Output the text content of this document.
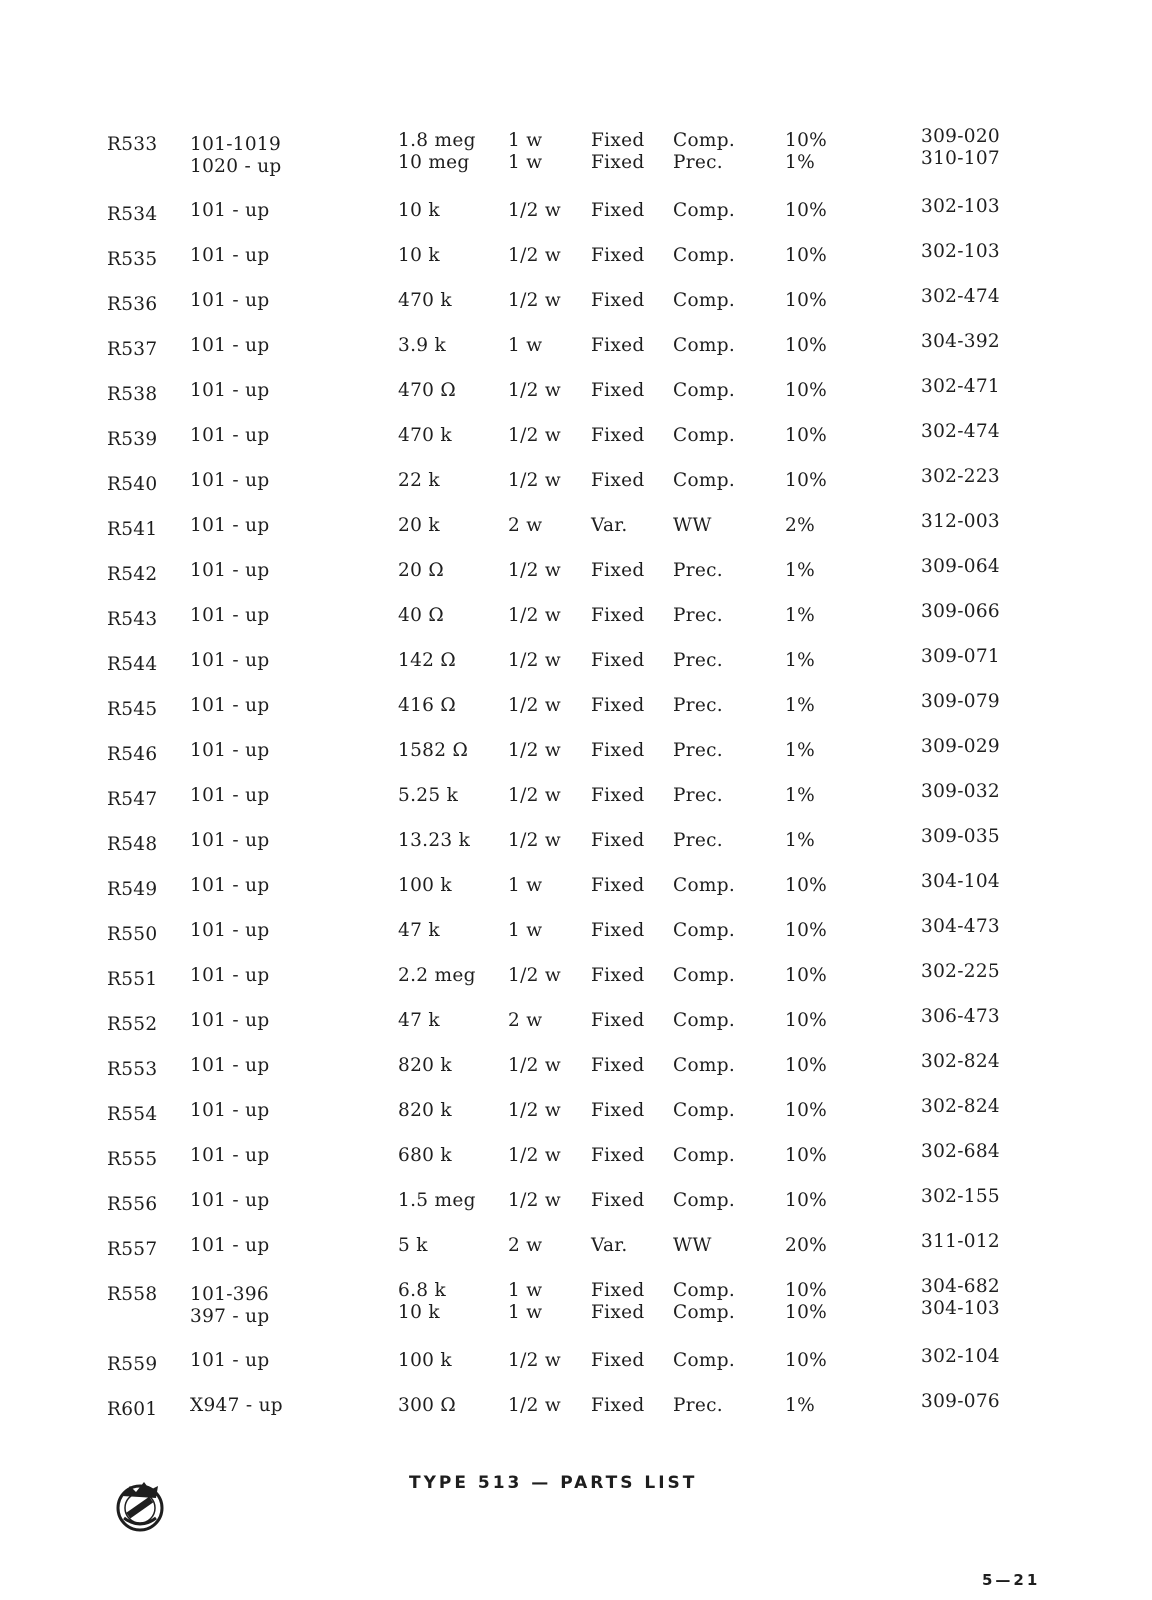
R533 101-1019	1.8 meg 1 w	Fixed Comp.	10%	309-020
1020 - up	10 meg 1 w	Fixed Prec.	1%	310-107
R534 101 - up	10 k	1/2 w Fixed Comp.	10%	302-103
R535 101 - up	10 k	1/2 w Fixed Comp.	10%	302-103
R536 101 - up	470 k	1/2 w Fixed Comp.	10%	302-474
R537 101 - up	3.9 k	1 w	Fixed Comp.	10%	304-392
R538 101 - up	470 Ω	1/2 w Fixed Comp.	10%	302-471
R539 101 - up	470 k	1/2 w Fixed Comp.	10%	302-474
R540 101 - up	22 k	1/2 w Fixed Comp.	10%	302-223
R541 101 - up	20 k	2 w	Var. WW	2%	312-003
R542 101 - up	20 Ω	1/2 w Fixed Prec.	1%	309-064
R543 101 - up	40 Ω	1/2 w Fixed Prec.	1%	309-066
R544 101 - up	142 Ω	1/2 w Fixed Prec.	1%	309-071
R545 101 - up	416 Ω	1/2 w Fixed Prec.	1%	309-079
R546 101 - up	1582 Ω 1/2 w Fixed Prec.	1%	309-029
R547 101 - up	5.25 k	1/2 w Fixed Prec.	1%	309-032
R548 101 - up	13.23 k 1/2 w Fixed Prec.	1%	309-035
R549 101 - up	100 k	1 w	Fixed Comp.	10%	304-104
R550 101 - up	47 k	1 w	Fixed Comp.	10%	304-473
R551 101 - up	2.2 meg 1/2 w Fixed Comp.	10%	302-225
R552 101 - up	47 k	2 w	Fixed Comp.	10%	306-473
R553 101 - up	820 k	1/2 w Fixed Comp.	10%	302-824
R554 101 - up	820 k	1/2 w Fixed Comp.	10%	302-824
R555 101 - up	680 k	1/2 w Fixed Comp.	10%	302-684
R556 101 - up	1.5 meg 1/2 w Fixed Comp.	10%	302-155
R557 101 - up	5 k	2 w	Var. WW	20%	311-012
R558 101-396	6.8 k	1 w	Fixed Comp.	10%	304-682
397 - up	10 k	1 w	Fixed Comp.	10%	304-103
R559 101 - up	100 k	1/2 w Fixed Comp.	10%	302-104
R601 X947 - up	300 Ω	1/2 w Fixed Prec.	1%	309-076
TYPE 513 — PARTS LIST
5—21
